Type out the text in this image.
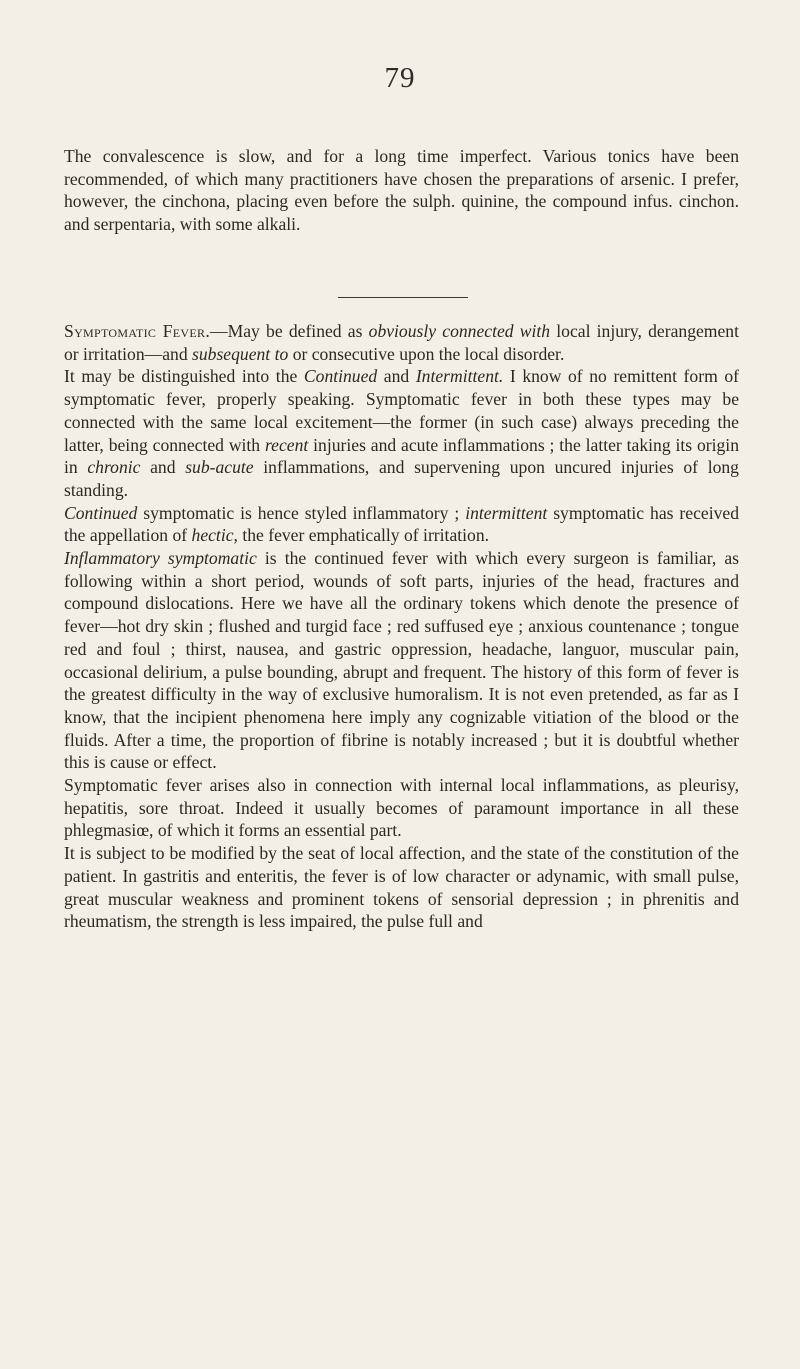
79

The convalescence is slow, and for a long time imperfect. Various tonics have been recommended, of which many practitioners have chosen the preparations of arsenic. I prefer, however, the cinchona, placing even before the sulph. quinine, the compound infus. cinchon. and serpentaria, with some alkali.

Symptomatic Fever.—May be defined as obviously connected with local injury, derangement or irritation—and subsequent to or consecutive upon the local disorder.

It may be distinguished into the Continued and Intermittent. I know of no remittent form of symptomatic fever, properly speaking. Symptomatic fever in both these types may be connected with the same local excitement—the former (in such case) always preceding the latter, being connected with recent injuries and acute inflammations ; the latter taking its origin in chronic and sub-acute inflammations, and supervening upon uncured injuries of long standing.

Continued symptomatic is hence styled inflammatory ; intermittent symptomatic has received the appellation of hectic, the fever emphatically of irritation.

Inflammatory symptomatic is the continued fever with which every surgeon is familiar, as following within a short period, wounds of soft parts, injuries of the head, fractures and compound dislocations. Here we have all the ordinary tokens which denote the presence of fever—hot dry skin ; flushed and turgid face ; red suffused eye ; anxious countenance ; tongue red and foul ; thirst, nausea, and gastric oppression, headache, languor, muscular pain, occasional delirium, a pulse bounding, abrupt and frequent. The history of this form of fever is the greatest difficulty in the way of exclusive humoralism. It is not even pretended, as far as I know, that the incipient phenomena here imply any cognizable vitiation of the blood or the fluids. After a time, the proportion of fibrine is notably increased ; but it is doubtful whether this is cause or effect.

Symptomatic fever arises also in connection with internal local inflammations, as pleurisy, hepatitis, sore throat. Indeed it usually becomes of paramount importance in all these phlegmasiœ, of which it forms an essential part.

It is subject to be modified by the seat of local affection, and the state of the constitution of the patient. In gastritis and enteritis, the fever is of low character or adynamic, with small pulse, great muscular weakness and prominent tokens of sensorial depression ; in phrenitis and rheumatism, the strength is less impaired, the pulse full and
